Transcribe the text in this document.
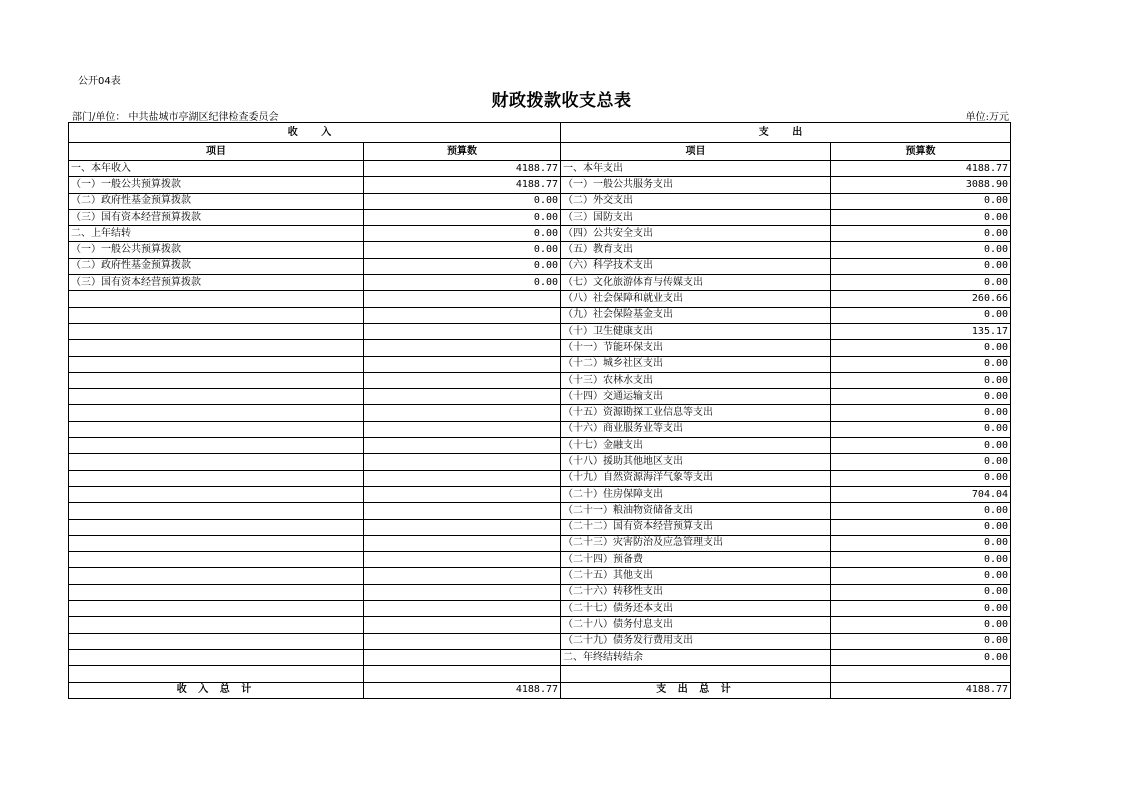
公开04表
财政拨款收支总表
部门/单位： 中共盐城市亭湖区纪律检查委员会	单位:万元
收 入		支 出	
项目	预算数	项目	预算数
一、本年收入	4188.77	一、本年支出	4188.77
（一）一般公共预算拨款	4188.77	（一）一般公共服务支出	3088.90
（二）政府性基金预算拨款	0.00	（二）外交支出	0.00
（三）国有资本经营预算拨款	0.00	（三）国防支出	0.00
二、上年结转	0.00	（四）公共安全支出	0.00
（一）一般公共预算拨款	0.00	（五）教育支出	0.00
（二）政府性基金预算拨款	0.00	（六）科学技术支出	0.00
（三）国有资本经营预算拨款	0.00	（七）文化旅游体育与传媒支出	0.00
		（八）社会保障和就业支出	260.66
		（九）社会保险基金支出	0.00
		（十）卫生健康支出	135.17
		（十一）节能环保支出	0.00
		（十二）城乡社区支出	0.00
		（十三）农林水支出	0.00
		（十四）交通运输支出	0.00
		（十五）资源勘探工业信息等支出	0.00
		（十六）商业服务业等支出	0.00
		（十七）金融支出	0.00
		（十八）援助其他地区支出	0.00
		（十九）自然资源海洋气象等支出	0.00
		（二十）住房保障支出	704.04
		（二十一）粮油物资储备支出	0.00
		（二十二）国有资本经营预算支出	0.00
		（二十三）灾害防治及应急管理支出	0.00
		（二十四）预备费	0.00
		（二十五）其他支出	0.00
		（二十六）转移性支出	0.00
		（二十七）债务还本支出	0.00
		（二十八）债务付息支出	0.00
		（二十九）债务发行费用支出	0.00
		二、年终结转结余	0.00

收 入 总 计	4188.77	支 出 总 计	4188.77
